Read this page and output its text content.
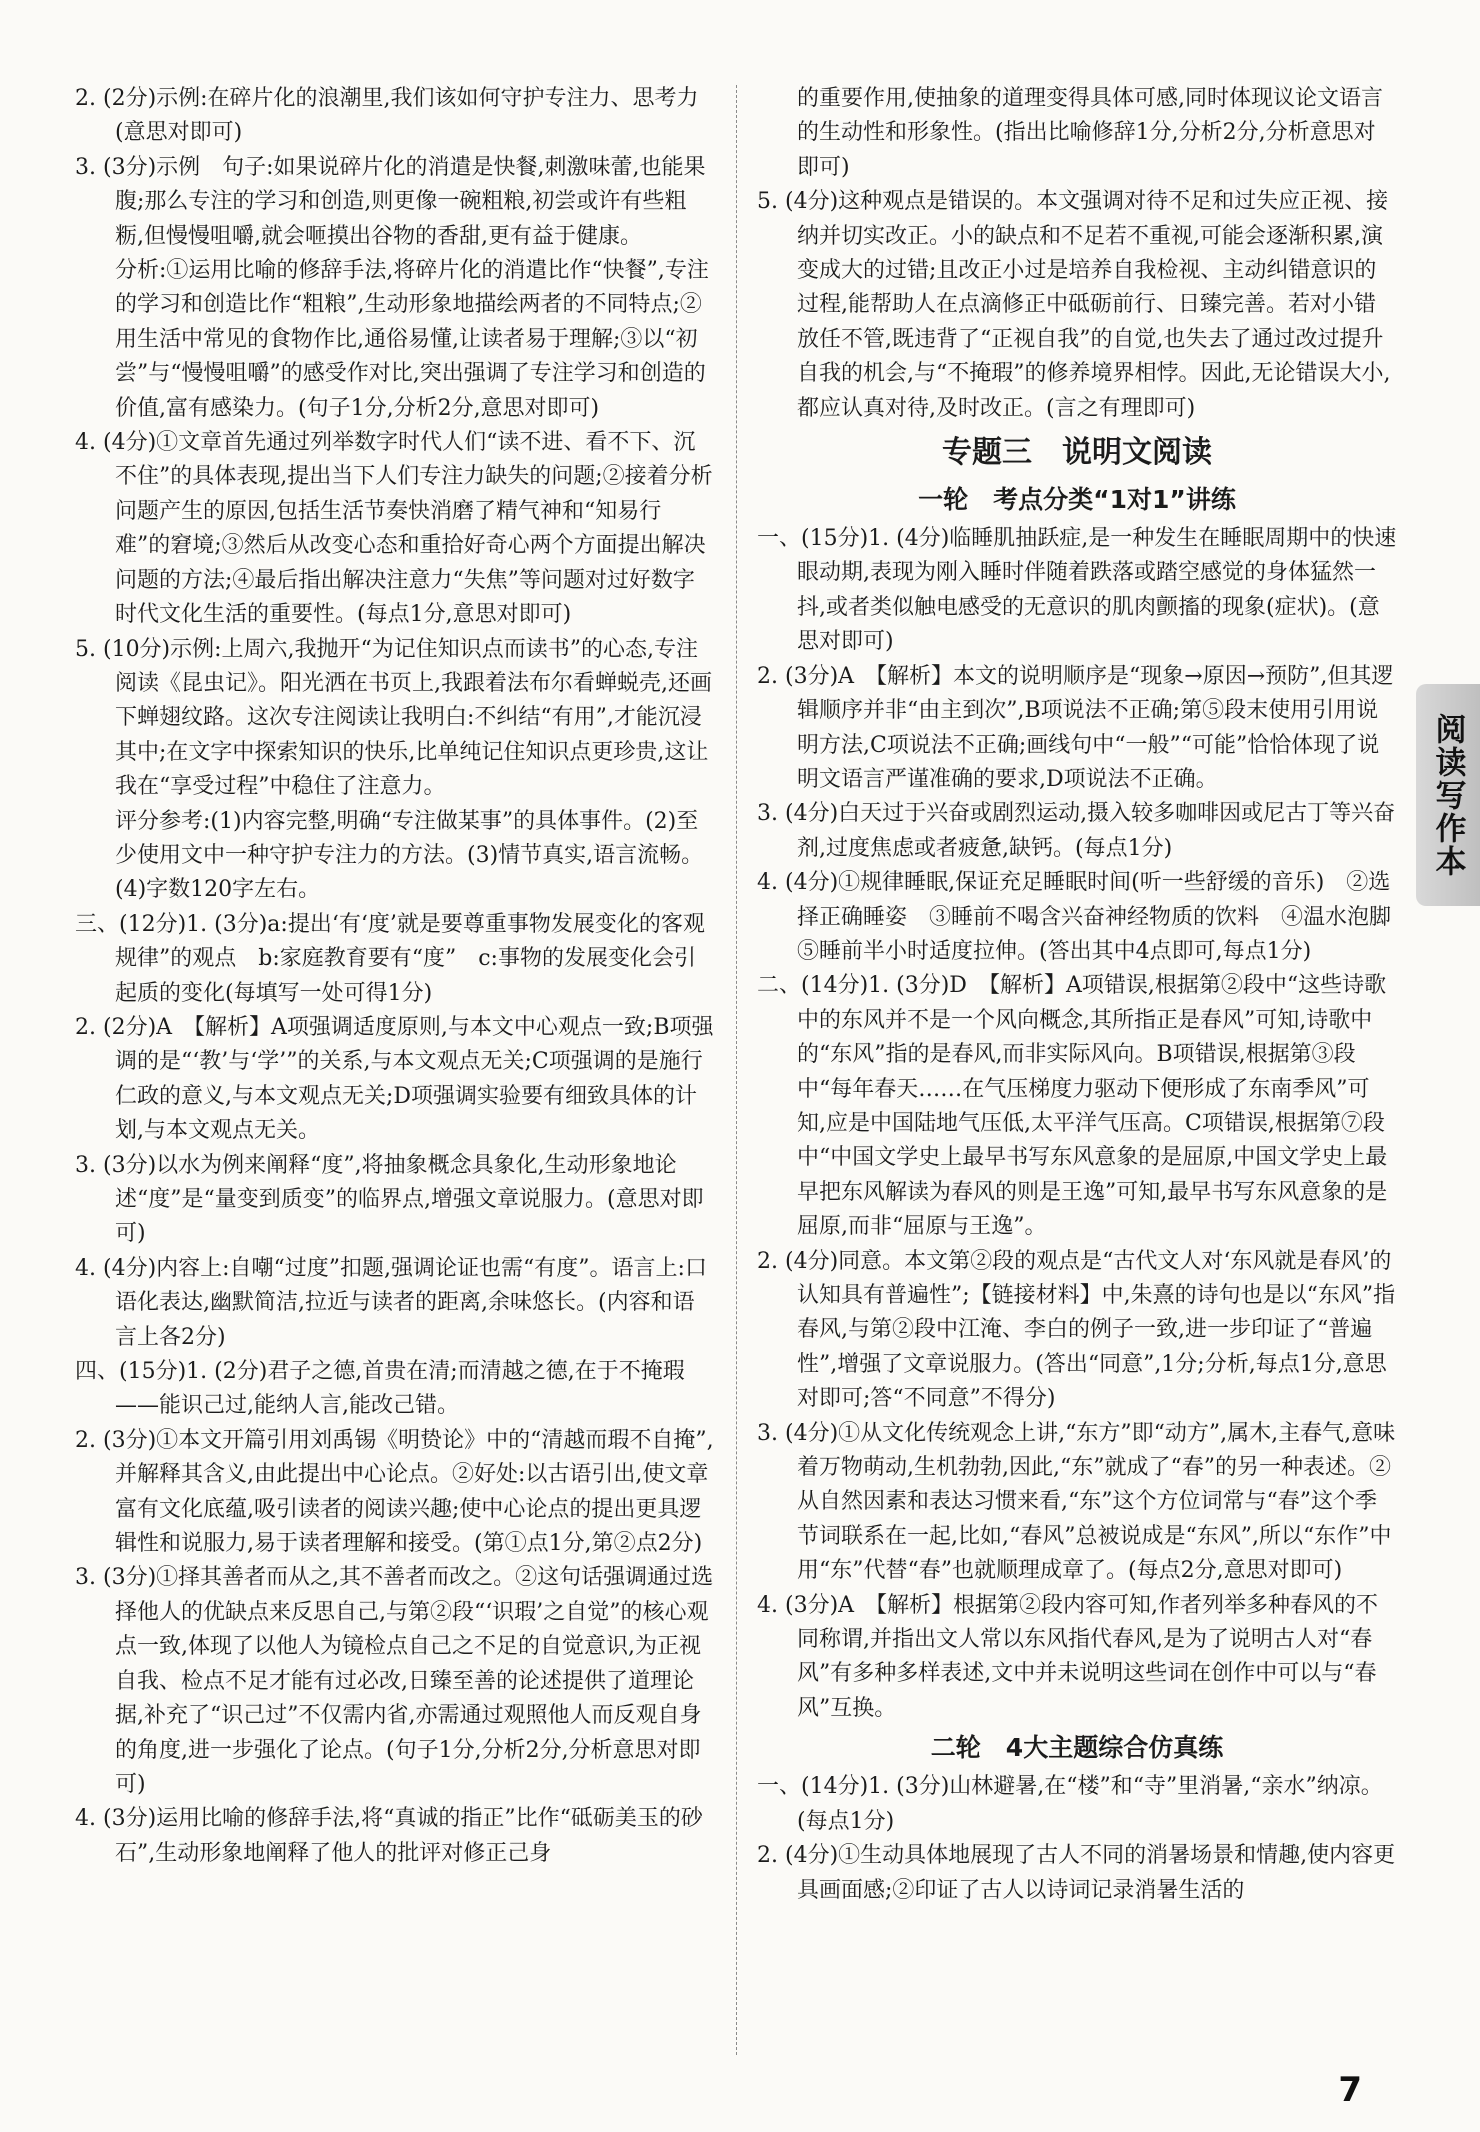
2. (2分)示例:在碎片化的浪潮里,我们该如何守护专注力、思考力(意思对即可)

3. (3分)示例　句子:如果说碎片化的消遣是快餐,刺激味蕾,也能果腹;那么专注的学习和创造,则更像一碗粗粮,初尝或许有些粗粝,但慢慢咀嚼,就会咂摸出谷物的香甜,更有益于健康。

分析:①运用比喻的修辞手法,将碎片化的消遣比作“快餐”,专注的学习和创造比作“粗粮”,生动形象地描绘两者的不同特点;②用生活中常见的食物作比,通俗易懂,让读者易于理解;③以“初尝”与“慢慢咀嚼”的感受作对比,突出强调了专注学习和创造的价值,富有感染力。(句子1分,分析2分,意思对即可)

4. (4分)①文章首先通过列举数字时代人们“读不进、看不下、沉不住”的具体表现,提出当下人们专注力缺失的问题;②接着分析问题产生的原因,包括生活节奏快消磨了精气神和“知易行难”的窘境;③然后从改变心态和重拾好奇心两个方面提出解决问题的方法;④最后指出解决注意力“失焦”等问题对过好数字时代文化生活的重要性。(每点1分,意思对即可)

5. (10分)示例:上周六,我抛开“为记住知识点而读书”的心态,专注阅读《昆虫记》。阳光洒在书页上,我跟着法布尔看蝉蜕壳,还画下蝉翅纹路。这次专注阅读让我明白:不纠结“有用”,才能沉浸其中;在文字中探索知识的快乐,比单纯记住知识点更珍贵,这让我在“享受过程”中稳住了注意力。

评分参考:(1)内容完整,明确“专注做某事”的具体事件。(2)至少使用文中一种守护专注力的方法。(3)情节真实,语言流畅。(4)字数120字左右。

三、(12分)1. (3分)a:提出‘有‘度’就是要尊重事物发展变化的客观规律”的观点　b:家庭教育要有“度”　c:事物的发展变化会引起质的变化(每填写一处可得1分)

2. (2分)A　【解析】A项强调适度原则,与本文中心观点一致;B项强调的是“‘教’与‘学’”的关系,与本文观点无关;C项强调的是施行仁政的意义,与本文观点无关;D项强调实验要有细致具体的计划,与本文观点无关。

3. (3分)以水为例来阐释“度”,将抽象概念具象化,生动形象地论述“度”是“量变到质变”的临界点,增强文章说服力。(意思对即可)

4. (4分)内容上:自嘲“过度”扣题,强调论证也需“有度”。语言上:口语化表达,幽默简洁,拉近与读者的距离,余味悠长。(内容和语言上各2分)

四、(15分)1. (2分)君子之德,首贵在清;而清越之德,在于不掩瑕——能识己过,能纳人言,能改己错。

2. (3分)①本文开篇引用刘禹锡《明贽论》中的“清越而瑕不自掩”,并解释其含义,由此提出中心论点。②好处:以古语引出,使文章富有文化底蕴,吸引读者的阅读兴趣;使中心论点的提出更具逻辑性和说服力,易于读者理解和接受。(第①点1分,第②点2分)

3. (3分)①择其善者而从之,其不善者而改之。②这句话强调通过选择他人的优缺点来反思自己,与第②段“‘识瑕’之自觉”的核心观点一致,体现了以他人为镜检点自己之不足的自觉意识,为正视自我、检点不足才能有过必改,日臻至善的论述提供了道理论据,补充了“识己过”不仅需内省,亦需通过观照他人而反观自身的角度,进一步强化了论点。(句子1分,分析2分,分析意思对即可)

4. (3分)运用比喻的修辞手法,将“真诚的指正”比作“砥砺美玉的砂石”,生动形象地阐释了他人的批评对修正己身

的重要作用,使抽象的道理变得具体可感,同时体现议论文语言的生动性和形象性。(指出比喻修辞1分,分析2分,分析意思对即可)

5. (4分)这种观点是错误的。本文强调对待不足和过失应正视、接纳并切实改正。小的缺点和不足若不重视,可能会逐渐积累,演变成大的过错;且改正小过是培养自我检视、主动纠错意识的过程,能帮助人在点滴修正中砥砺前行、日臻完善。若对小错放任不管,既违背了“正视自我”的自觉,也失去了通过改过提升自我的机会,与“不掩瑕”的修养境界相悖。因此,无论错误大小,都应认真对待,及时改正。(言之有理即可)

专题三　说明文阅读
一轮　考点分类“1对1”讲练

一、(15分)1. (4分)临睡肌抽跃症,是一种发生在睡眠周期中的快速眼动期,表现为刚入睡时伴随着跌落或踏空感觉的身体猛然一抖,或者类似触电感受的无意识的肌肉颤搐的现象(症状)。(意思对即可)

2. (3分)A　【解析】本文的说明顺序是“现象→原因→预防”,但其逻辑顺序并非“由主到次”,B项说法不正确;第⑤段末使用引用说明方法,C项说法不正确;画线句中“一般”“可能”恰恰体现了说明文语言严谨准确的要求,D项说法不正确。

3. (4分)白天过于兴奋或剧烈运动,摄入较多咖啡因或尼古丁等兴奋剂,过度焦虑或者疲惫,缺钙。(每点1分)

4. (4分)①规律睡眠,保证充足睡眠时间(听一些舒缓的音乐)　②选择正确睡姿　③睡前不喝含兴奋神经物质的饮料　④温水泡脚　⑤睡前半小时适度拉伸。(答出其中4点即可,每点1分)

二、(14分)1. (3分)D　【解析】A项错误,根据第②段中“这些诗歌中的东风并不是一个风向概念,其所指正是春风”可知,诗歌中的“东风”指的是春风,而非实际风向。B项错误,根据第③段中“每年春天……在气压梯度力驱动下便形成了东南季风”可知,应是中国陆地气压低,太平洋气压高。C项错误,根据第⑦段中“中国文学史上最早书写东风意象的是屈原,中国文学史上最早把东风解读为春风的则是王逸”可知,最早书写东风意象的是屈原,而非“屈原与王逸”。

2. (4分)同意。本文第②段的观点是“古代文人对‘东风就是春风’的认知具有普遍性”;【链接材料】中,朱熹的诗句也是以“东风”指春风,与第②段中江淹、李白的例子一致,进一步印证了“普遍性”,增强了文章说服力。(答出“同意”,1分;分析,每点1分,意思对即可;答“不同意”不得分)

3. (4分)①从文化传统观念上讲,“东方”即“动方”,属木,主春气,意味着万物萌动,生机勃勃,因此,“东”就成了“春”的另一种表述。②从自然因素和表达习惯来看,“东”这个方位词常与“春”这个季节词联系在一起,比如,“春风”总被说成是“东风”,所以“东作”中用“东”代替“春”也就顺理成章了。(每点2分,意思对即可)

4. (3分)A　【解析】根据第②段内容可知,作者列举多种春风的不同称谓,并指出文人常以东风指代春风,是为了说明古人对“春风”有多种多样表述,文中并未说明这些词在创作中可以与“春风”互换。

二轮　4大主题综合仿真练

一、(14分)1. (3分)山林避暑,在“楼”和“寺”里消暑,“亲水”纳凉。(每点1分)

2. (4分)①生动具体地展现了古人不同的消暑场景和情趣,使内容更具画面感;②印证了古人以诗词记录消暑生活的

阅读写作本
7
